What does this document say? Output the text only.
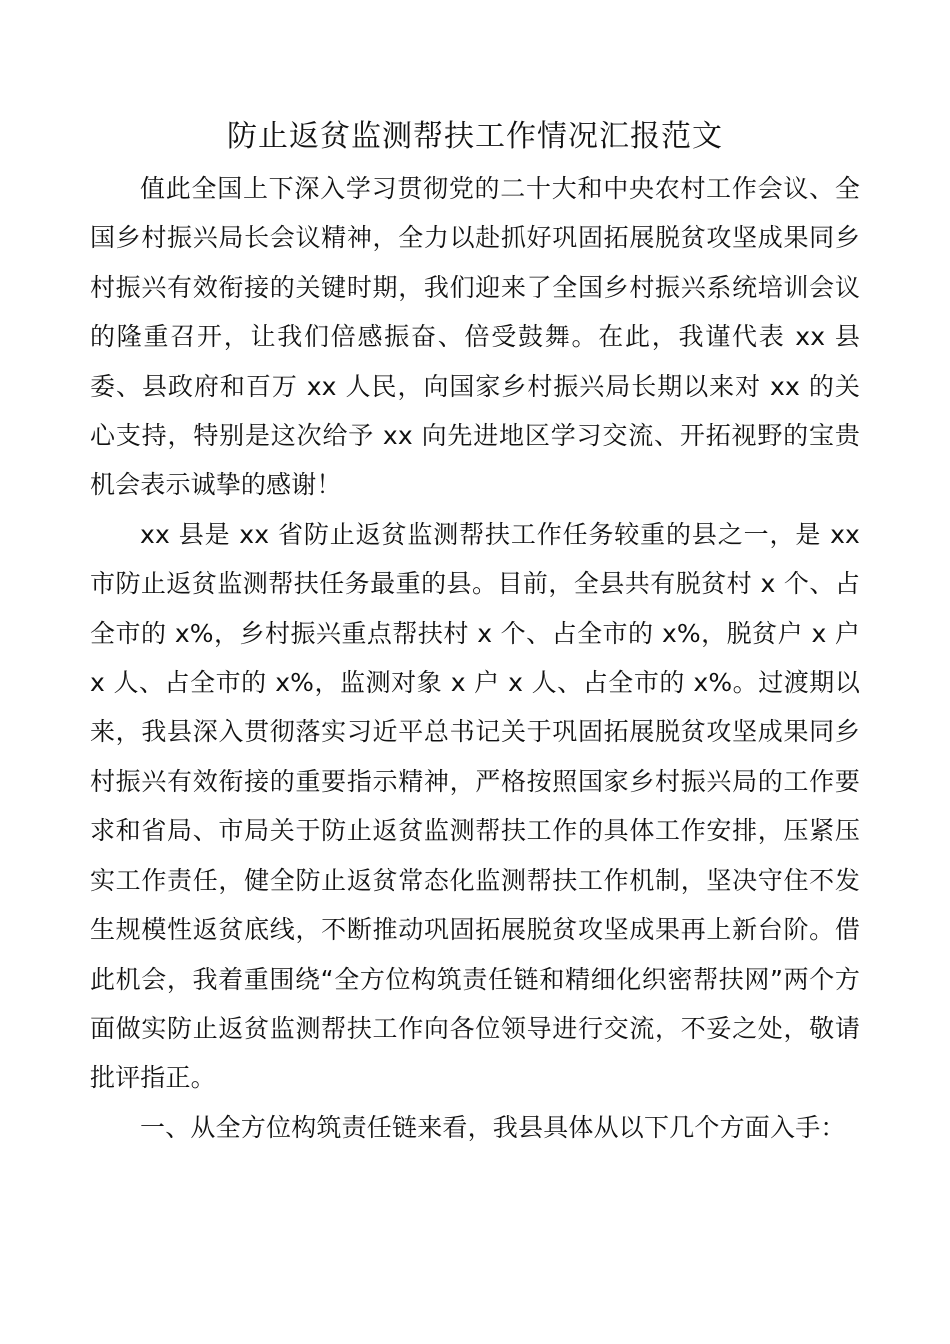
防止返贫监测帮扶工作情况汇报范文

值此全国上下深入学习贯彻党的二十大和中央农村工作会议、全国乡村振兴局长会议精神，全力以赴抓好巩固拓展脱贫攻坚成果同乡村振兴有效衔接的关键时期，我们迎来了全国乡村振兴系统培训会议的隆重召开，让我们倍感振奋、倍受鼓舞。在此，我谨代表 xx 县委、县政府和百万 xx 人民，向国家乡村振兴局长期以来对 xx 的关心支持，特别是这次给予 xx 向先进地区学习交流、开拓视野的宝贵机会表示诚挚的感谢！

xx 县是 xx 省防止返贫监测帮扶工作任务较重的县之一，是 xx 市防止返贫监测帮扶任务最重的县。目前，全县共有脱贫村 x 个、占全市的 x%，乡村振兴重点帮扶村 x 个、占全市的 x%，脱贫户 x 户 x 人、占全市的 x%，监测对象 x 户 x 人、占全市的 x%。过渡期以来，我县深入贯彻落实习近平总书记关于巩固拓展脱贫攻坚成果同乡村振兴有效衔接的重要指示精神，严格按照国家乡村振兴局的工作要求和省局、市局关于防止返贫监测帮扶工作的具体工作安排，压紧压实工作责任，健全防止返贫常态化监测帮扶工作机制，坚决守住不发生规模性返贫底线，不断推动巩固拓展脱贫攻坚成果再上新台阶。借此机会，我着重围绕“全方位构筑责任链和精细化织密帮扶网”两个方面做实防止返贫监测帮扶工作向各位领导进行交流，不妥之处，敬请批评指正。

一、从全方位构筑责任链来看，我县具体从以下几个方面入手：
